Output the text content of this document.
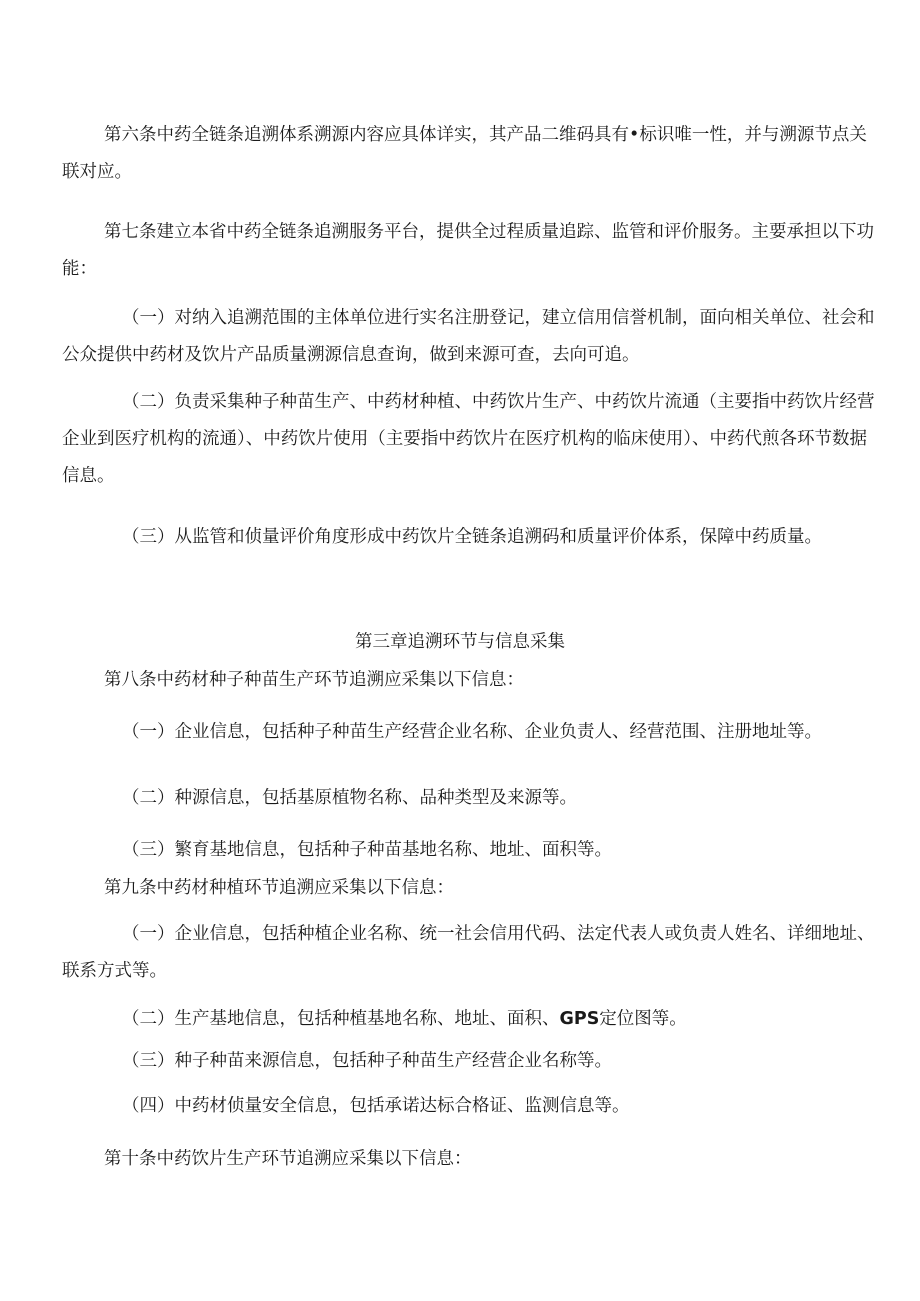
第六条中药全链条追溯体系溯源内容应具体详实，其产品二维码具有•标识唯一性，并与溯源节点关联对应。

第七条建立本省中药全链条追溯服务平台，提供全过程质量追踪、监管和评价服务。主要承担以下功能：

（一）对纳入追溯范围的主体单位进行实名注册登记，建立信用信誉机制，面向相关单位、社会和公众提供中药材及饮片产品质量溯源信息查询，做到来源可查，去向可追。

（二）负责采集种子种苗生产、中药材种植、中药饮片生产、中药饮片流通（主要指中药饮片经营企业到医疗机构的流通）、中药饮片使用（主要指中药饮片在医疗机构的临床使用）、中药代煎各环节数据信息。

（三）从监管和侦量评价角度形成中药饮片全链条追溯码和质量评价体系，保障中药质量。

第三章追溯环节与信息采集

第八条中药材种子种苗生产环节追溯应采集以下信息：

（一）企业信息，包括种子种苗生产经营企业名称、企业负责人、经营范围、注册地址等。

（二）种源信息，包括基原植物名称、品种类型及来源等。

（三）繁育基地信息，包括种子种苗基地名称、地址、面积等。

第九条中药材种植环节追溯应采集以下信息：

（一）企业信息，包括种植企业名称、统一社会信用代码、法定代表人或负责人姓名、详细地址、联系方式等。

（二）生产基地信息，包括种植基地名称、地址、面积、GPS定位图等。

（三）种子种苗来源信息，包括种子种苗生产经营企业名称等。

（四）中药材侦量安全信息，包括承诺达标合格证、监测信息等。

第十条中药饮片生产环节追溯应采集以下信息：
